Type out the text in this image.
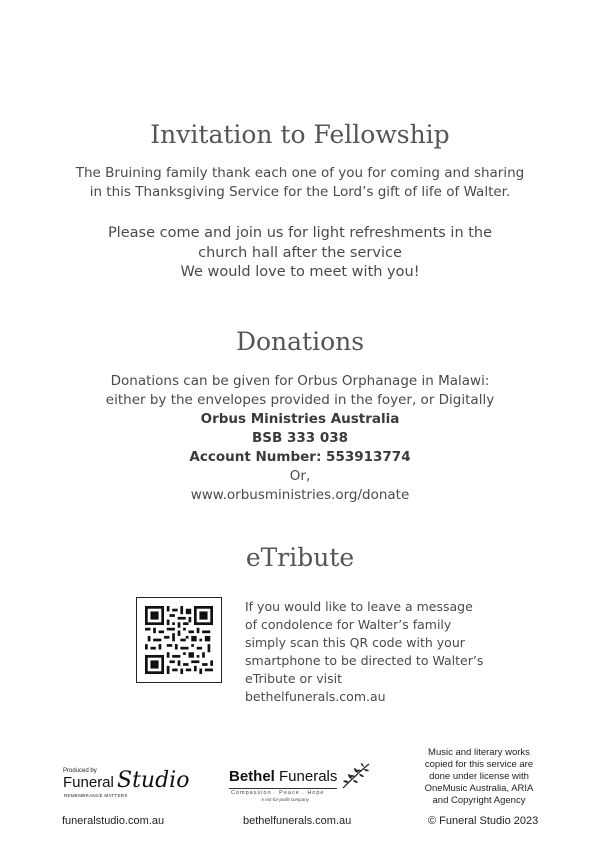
Invitation to Fellowship
The Bruining family thank each one of you for coming and sharing
in this Thanksgiving Service for the Lord’s gift of life of Walter.
Please come and join us for light refreshments in the
church hall after the service
We would love to meet with you!
Donations
Donations can be given for Orbus Orphanage in Malawi:
either by the envelopes provided in the foyer, or Digitally
Orbus Ministries Australia
BSB 333 038
Account Number: 553913774
Or,
www.orbusministries.org/donate
eTribute
If you would like to leave a message
of condolence for Walter’s family
simply scan this QR code with your
smartphone to be directed to Walter’s
eTribute or visit bethelfunerals.com.au
Produced by
Funeral Studio
REMEMBRANCE MATTERS
Bethel Funerals
Compassion . Peace . Hope
A not-for-profit company
Music and literary works
copied for this service are
done under license with
OneMusic Australia, ARIA
and Copyright Agency
funeralstudio.com.au	bethelfunerals.com.au	© Funeral Studio 2023
